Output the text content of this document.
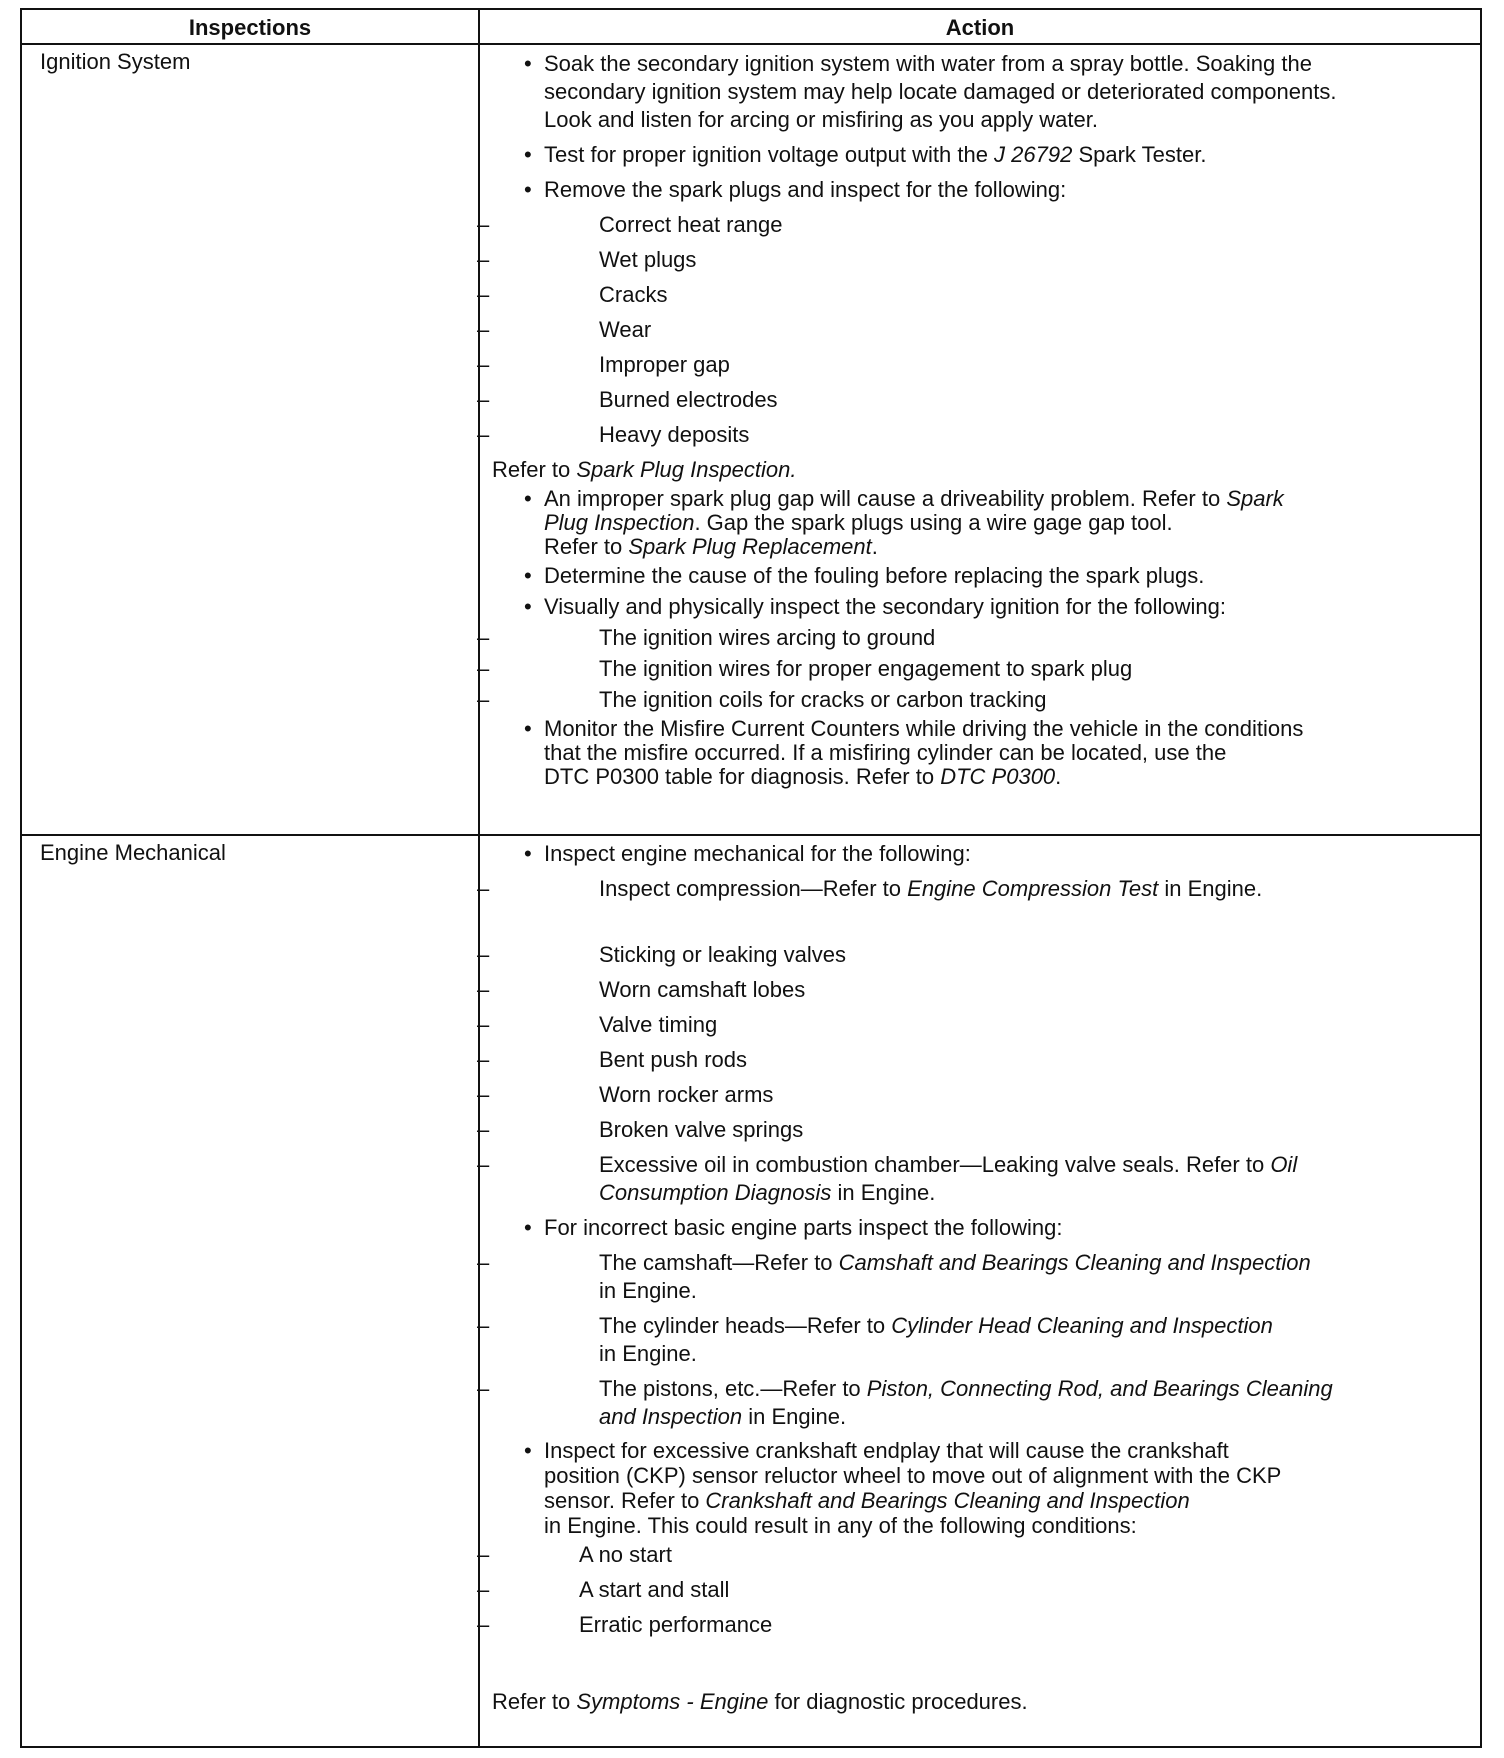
Inspections	Action
Ignition System	• Soak the secondary ignition system with water from a spray bottle. Soaking the
secondary ignition system may help locate damaged or deteriorated components.
Look and listen for arcing or misfiring as you apply water.
• Test for proper ignition voltage output with the J 26792 Spark Tester.
• Remove the spark plugs and inspect for the following:
– Correct heat range
– Wet plugs
– Cracks
– Wear
– Improper gap
– Burned electrodes
– Heavy deposits
Refer to Spark Plug Inspection.
• An improper spark plug gap will cause a driveability problem. Refer to Spark
Plug Inspection. Gap the spark plugs using a wire gage gap tool.
Refer to Spark Plug Replacement.
• Determine the cause of the fouling before replacing the spark plugs.
• Visually and physically inspect the secondary ignition for the following:
– The ignition wires arcing to ground
– The ignition wires for proper engagement to spark plug
– The ignition coils for cracks or carbon tracking
• Monitor the Misfire Current Counters while driving the vehicle in the conditions
that the misfire occurred. If a misfiring cylinder can be located, use the
DTC P0300 table for diagnosis. Refer to DTC P0300.
Engine Mechanical	• Inspect engine mechanical for the following:
– Inspect compression—Refer to Engine Compression Test in Engine.
– Sticking or leaking valves
– Worn camshaft lobes
– Valve timing
– Bent push rods
– Worn rocker arms
– Broken valve springs
– Excessive oil in combustion chamber—Leaking valve seals. Refer to Oil
Consumption Diagnosis in Engine.
• For incorrect basic engine parts inspect the following:
– The camshaft—Refer to Camshaft and Bearings Cleaning and Inspection
in Engine.
– The cylinder heads—Refer to Cylinder Head Cleaning and Inspection
in Engine.
– The pistons, etc.—Refer to Piston, Connecting Rod, and Bearings Cleaning
and Inspection in Engine.
• Inspect for excessive crankshaft endplay that will cause the crankshaft
position (CKP) sensor reluctor wheel to move out of alignment with the CKP
sensor. Refer to Crankshaft and Bearings Cleaning and Inspection
in Engine. This could result in any of the following conditions:
– A no start
– A start and stall
– Erratic performance
Refer to Symptoms - Engine for diagnostic procedures.
